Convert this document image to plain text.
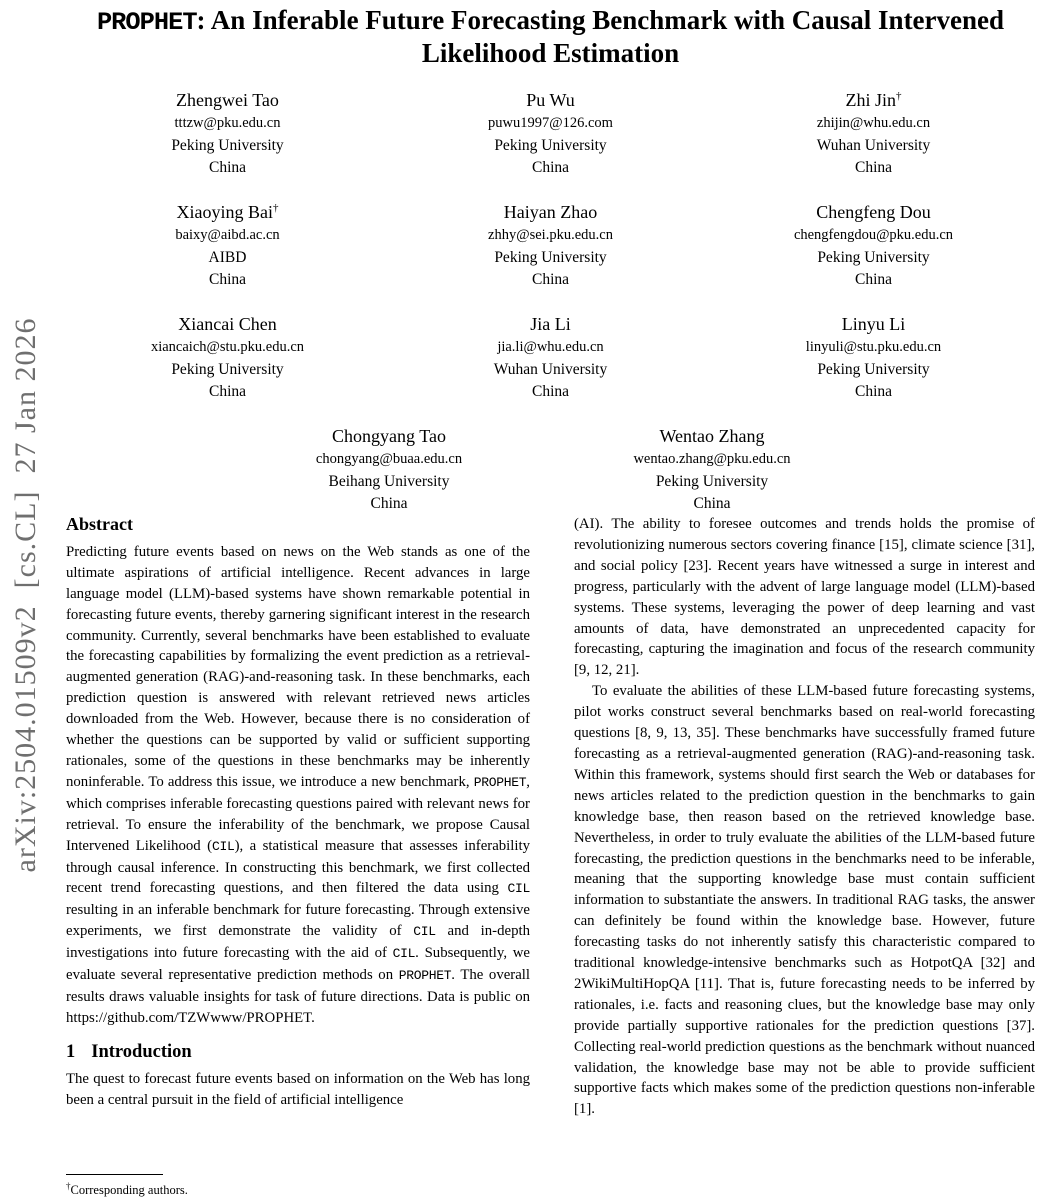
arXiv:2504.01509v2  [cs.CL]  27 Jan 2026
PROPHET: An Inferable Future Forecasting Benchmark with Causal Intervened Likelihood Estimation
Zhengwei Tao
tttzw@pku.edu.cn
Peking University
China
Pu Wu
puwu1997@126.com
Peking University
China
Zhi Jin†
zhijin@whu.edu.cn
Wuhan University
China
Xiaoying Bai†
baixy@aibd.ac.cn
AIBD
China
Haiyan Zhao
zhhy@sei.pku.edu.cn
Peking University
China
Chengfeng Dou
chengfengdou@pku.edu.cn
Peking University
China
Xiancai Chen
xiancaich@stu.pku.edu.cn
Peking University
China
Jia Li
jia.li@whu.edu.cn
Wuhan University
China
Linyu Li
linyuli@stu.pku.edu.cn
Peking University
China
Chongyang Tao
chongyang@buaa.edu.cn
Beihang University
China
Wentao Zhang
wentao.zhang@pku.edu.cn
Peking University
China
Abstract

Predicting future events based on news on the Web stands as one of the ultimate aspirations of artificial intelligence. Recent advances in large language model (LLM)-based systems have shown remarkable potential in forecasting future events, thereby garnering significant interest in the research community. Currently, several benchmarks have been established to evaluate the forecasting capabilities by formalizing the event prediction as a retrieval-augmented generation (RAG)-and-reasoning task. In these benchmarks, each prediction question is answered with relevant retrieved news articles downloaded from the Web. However, because there is no consideration of whether the questions can be supported by valid or sufficient supporting rationales, some of the questions in these benchmarks may be inherently noninferable. To address this issue, we introduce a new benchmark, PROPHET, which comprises inferable forecasting questions paired with relevant news for retrieval. To ensure the inferability of the benchmark, we propose Causal Intervened Likelihood (CIL), a statistical measure that assesses inferability through causal inference. In constructing this benchmark, we first collected recent trend forecasting questions, and then filtered the data using CIL resulting in an inferable benchmark for future forecasting. Through extensive experiments, we first demonstrate the validity of CIL and in-depth investigations into future forecasting with the aid of CIL. Subsequently, we evaluate several representative prediction methods on PROPHET. The overall results draws valuable insights for task of future directions. Data is public on https://github.com/TZWwww/PROPHET.

1 Introduction

The quest to forecast future events based on information on the Web has long been a central pursuit in the field of artificial intelligence

†Corresponding authors.

(AI). The ability to foresee outcomes and trends holds the promise of revolutionizing numerous sectors covering finance [15], climate science [31], and social policy [23]. Recent years have witnessed a surge in interest and progress, particularly with the advent of large language model (LLM)-based systems. These systems, leveraging the power of deep learning and vast amounts of data, have demonstrated an unprecedented capacity for forecasting, capturing the imagination and focus of the research community [9, 12, 21].

To evaluate the abilities of these LLM-based future forecasting systems, pilot works construct several benchmarks based on real-world forecasting questions [8, 9, 13, 35]. These benchmarks have successfully framed future forecasting as a retrieval-augmented generation (RAG)-and-reasoning task. Within this framework, systems should first search the Web or databases for news articles related to the prediction question in the benchmarks to gain knowledge base, then reason based on the retrieved knowledge base. Nevertheless, in order to truly evaluate the abilities of the LLM-based future forecasting, the prediction questions in the benchmarks need to be inferable, meaning that the supporting knowledge base must contain sufficient information to substantiate the answers. In traditional RAG tasks, the answer can definitely be found within the knowledge base. However, future forecasting tasks do not inherently satisfy this characteristic compared to traditional knowledge-intensive benchmarks such as HotpotQA [32] and 2WikiMultiHopQA [11]. That is, future forecasting needs to be inferred by rationales, i.e. facts and reasoning clues, but the knowledge base may only provide partially supportive rationales for the prediction questions [37]. Collecting real-world prediction questions as the benchmark without nuanced validation, the knowledge base may not be able to provide sufficient supportive facts which makes some of the prediction questions non-inferable [1].
